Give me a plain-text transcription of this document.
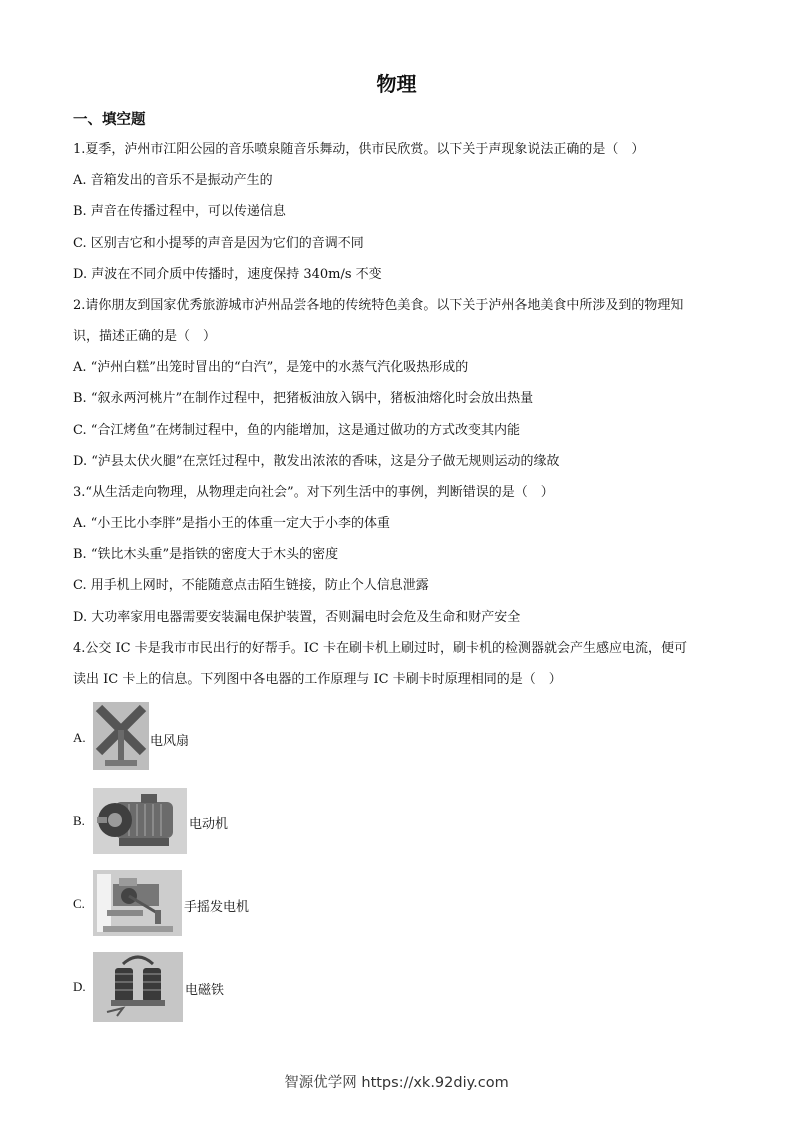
物理
一、填空题
1.夏季，泸州市江阳公园的音乐喷泉随音乐舞动，供市民欣赏。以下关于声现象说法正确的是（　）
A. 音箱发出的音乐不是振动产生的
B. 声音在传播过程中，可以传递信息
C. 区别吉它和小提琴的声音是因为它们的音调不同
D. 声波在不同介质中传播时，速度保持 340m/s 不变
2.请你朋友到国家优秀旅游城市泸州品尝各地的传统特色美食。以下关于泸州各地美食中所涉及到的物理知
识，描述正确的是（　）
A. “泸州白糕”出笼时冒出的“白汽”，是笼中的水蒸气汽化吸热形成的
B. “叙永两河桃片”在制作过程中，把猪板油放入锅中，猪板油熔化时会放出热量
C. “合江烤鱼”在烤制过程中，鱼的内能增加，这是通过做功的方式改变其内能
D. “泸县太伏火腿”在烹饪过程中，散发出浓浓的香味，这是分子做无规则运动的缘故
3.“从生活走向物理，从物理走向社会”。对下列生活中的事例，判断错误的是（　）
A. “小王比小李胖”是指小王的体重一定大于小李的体重
B. “铁比木头重”是指铁的密度大于木头的密度
C. 用手机上网时，不能随意点击陌生链接，防止个人信息泄露
D. 大功率家用电器需要安装漏电保护装置，否则漏电时会危及生命和财产安全
4.公交 IC 卡是我市市民出行的好帮手。IC 卡在刷卡机上刷过时，刷卡机的检测器就会产生感应电流，便可
读出 IC 卡上的信息。下列图中各电器的工作原理与 IC 卡刷卡时原理相同的是（　）
A.	电风扇
B.	电动机
C.	手摇发电机
D.	电磁铁
智源优学网 https://xk.92diy.com
